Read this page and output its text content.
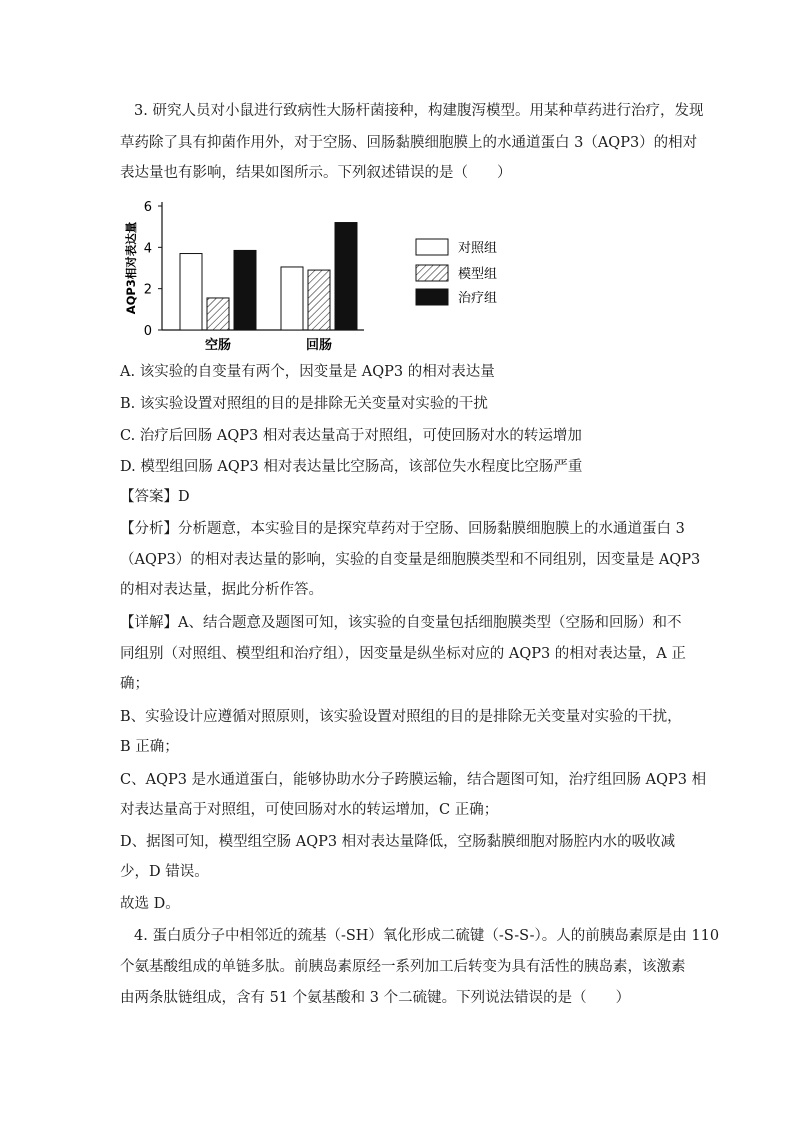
3. 研究人员对小鼠进行致病性大肠杆菌接种，构建腹泻模型。用某种草药进行治疗，发现
草药除了具有抑菌作用外，对于空肠、回肠黏膜细胞膜上的水通道蛋白 3（AQP3）的相对
表达量也有影响，结果如图所示。下列叙述错误的是（　　）
0
2
4
6
AQP3相对表达量
空肠	回肠
对照组
模型组
治疗组
A. 该实验的自变量有两个，因变量是 AQP3 的相对表达量
B. 该实验设置对照组的目的是排除无关变量对实验的干扰
C. 治疗后回肠 AQP3 相对表达量高于对照组，可使回肠对水的转运增加
D. 模型组回肠 AQP3 相对表达量比空肠高，该部位失水程度比空肠严重
【答案】D
【分析】分析题意，本实验目的是探究草药对于空肠、回肠黏膜细胞膜上的水通道蛋白 3
（AQP3）的相对表达量的影响，实验的自变量是细胞膜类型和不同组别，因变量是 AQP3
的相对表达量，据此分析作答。
【详解】A、结合题意及题图可知，该实验的自变量包括细胞膜类型（空肠和回肠）和不
同组别（对照组、模型组和治疗组），因变量是纵坐标对应的 AQP3 的相对表达量，A 正
确；
B、实验设计应遵循对照原则，该实验设置对照组的目的是排除无关变量对实验的干扰，
B 正确；
C、AQP3 是水通道蛋白，能够协助水分子跨膜运输，结合题图可知，治疗组回肠 AQP3 相
对表达量高于对照组，可使回肠对水的转运增加，C 正确；
D、据图可知，模型组空肠 AQP3 相对表达量降低，空肠黏膜细胞对肠腔内水的吸收减
少，D 错误。
故选 D。
4. 蛋白质分子中相邻近的巯基（-SH）氧化形成二硫键（-S-S-）。人的前胰岛素原是由 110
个氨基酸组成的单链多肽。前胰岛素原经一系列加工后转变为具有活性的胰岛素，该激素
由两条肽链组成，含有 51 个氨基酸和 3 个二硫键。下列说法错误的是（　　）
